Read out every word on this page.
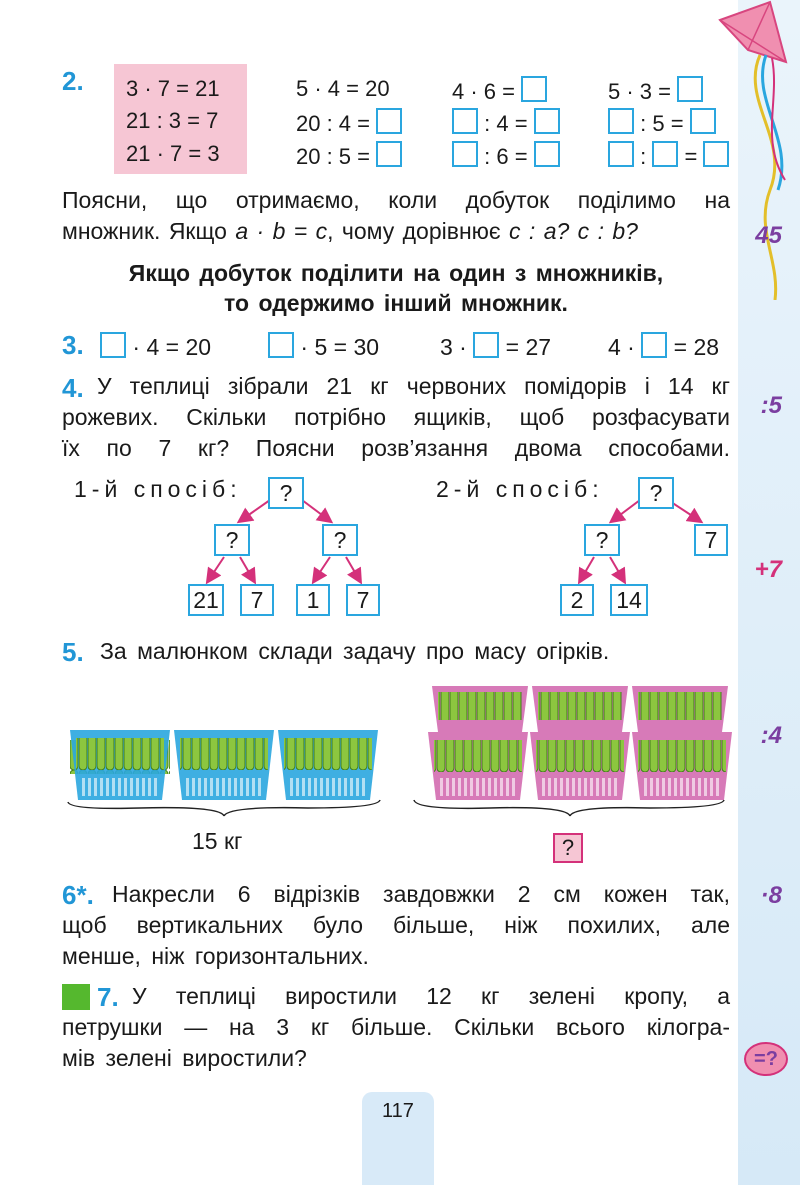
45
:5
+7
:4
·8
=?
2. 3 · 7 = 21
21 : 3 = 7
21 · 7 = 3
5 · 4 = 20
20 : 4 =
20 : 5 =
4 · 6 =
: 4 =
: 6 =
5 · 3 =
: 5 =
: =
Поясни, що отримаємо, коли добуток поділимо на
множник. Якщо a · b = c, чому дорівнює c : a? c : b?
Якщо добуток поділити на один з множників,
то одержимо інший множник.
3.	· 4 = 20	· 5 = 30	3 · = 27 4 · = 28
4. У теплиці зібрали 21 кг червоних помідорів і 14 кг
рожевих. Скільки потрібно ящиків, щоб розфасувати
їх по 7 кг? Поясни розв’язання двома способами.
1-й спосіб:	2-й спосіб:
?
?	?
21	7	1	7
?
?	7
2	14
5. За малюнком склади задачу про масу огірків.
15 кг	?
6*. Накресли 6 відрізків завдовжки 2 см кожен так,
щоб вертикальних було більше, ніж похилих, але
менше, ніж горизонтальних.
7. У теплиці виростили 12 кг зелені кропу, а
петрушки — на 3 кг більше. Скільки всього кілогра-
мів зелені виростили?
117
